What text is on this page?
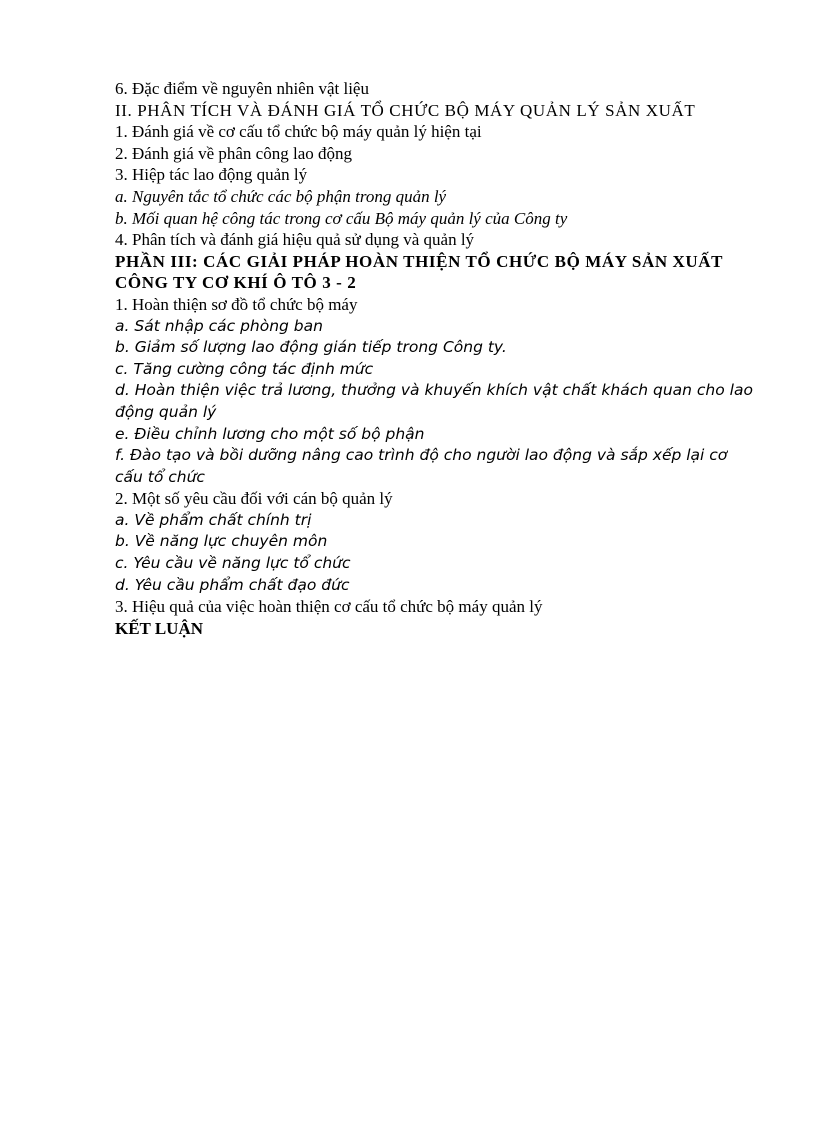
6. Đặc điểm về nguyên nhiên vật liệu
II. PHÂN TÍCH VÀ ĐÁNH GIÁ TỔ CHỨC BỘ MÁY QUẢN LÝ SẢN XUẤT
1. Đánh giá về cơ cấu tổ chức bộ máy quản lý hiện tại
2. Đánh giá về phân công lao động
3. Hiệp tác lao động quản lý
a. Nguyên tắc tổ chức các bộ phận trong quản lý
b. Mối quan hệ công tác trong cơ cấu Bộ máy quản lý của Công ty
4. Phân tích và đánh giá hiệu quả sử dụng và quản lý
PHẦN III: CÁC GIẢI PHÁP HOÀN THIỆN TỔ CHỨC BỘ MÁY SẢN XUẤT CÔNG TY CƠ KHÍ Ô TÔ 3 - 2
1. Hoàn thiện sơ đồ tổ chức bộ máy
a. Sát nhập các phòng ban
b. Giảm số lượng lao động gián tiếp trong Công ty.
c. Tăng cường công tác định mức
d. Hoàn thiện việc trả lương, thưởng và khuyến khích vật chất khách quan cho lao động quản lý
e. Điều chỉnh lương cho một số bộ phận
f. Đào tạo và bồi dưỡng nâng cao trình độ cho người lao động và sắp xếp lại cơ cấu tổ chức
2. Một số yêu cầu đối với cán bộ quản lý
a. Về phẩm chất chính trị
b. Về năng lực chuyên môn
c. Yêu cầu về năng lực tổ chức
d. Yêu cầu phẩm chất đạo đức
3. Hiệu quả của việc hoàn thiện cơ cấu tổ chức bộ máy quản lý
KẾT LUẬN
